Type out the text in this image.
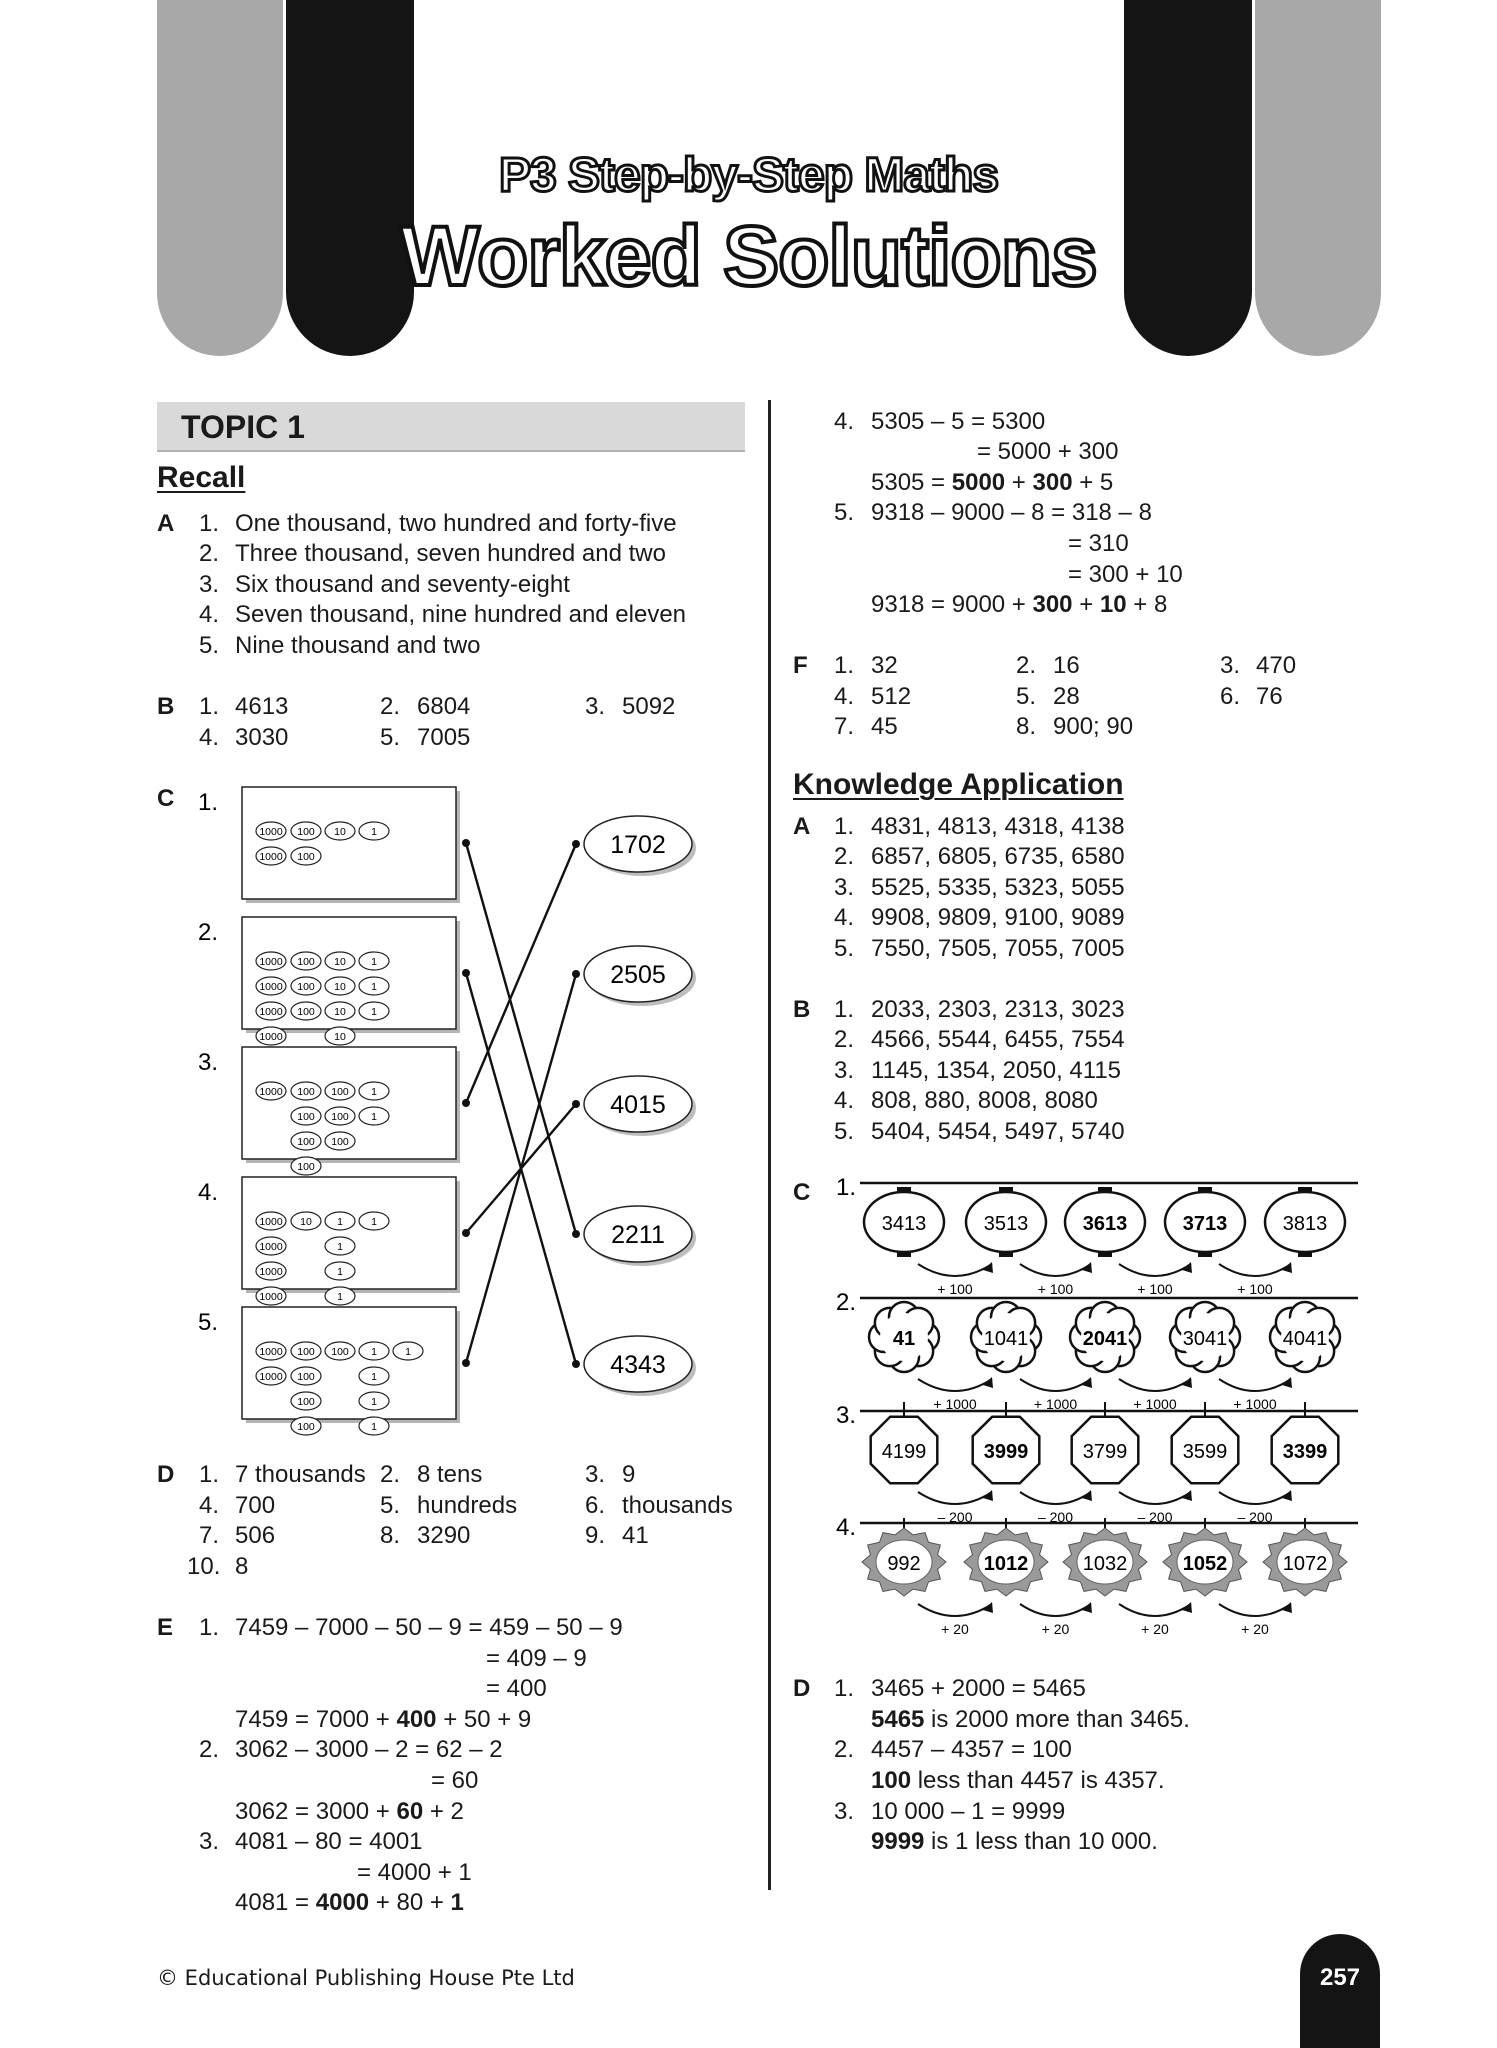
P3 Step-by-Step Maths
Worked Solutions
TOPIC 1
Recall
A 1. One thousand, two hundred and forty-five
2. Three thousand, seven hundred and two
3. Six thousand and seventy-eight
4. Seven thousand, nine hundred and eleven
5. Nine thousand and two
B 1. 4613	2. 6804	3. 5092
4. 3030	5. 7005
C 1.
1000 100 10 1
1000 100
2.
1000 100 10 1
1000 100 10 1
1000 100 10 1
1000	10
3.
1000 100 100 1
100 100 1
100 100
100
4.
1000 10 1	1
1000	1
1000	1
1000	1
5.
1000 100 100 1	1
1000 100	1
100	1
100	1
1702
2505
4015
2211
4343
D 1. 7 thousands 2. 8 tens	3. 9
4. 700	5. hundreds	6. thousands
7. 506	8. 3290	9. 41
10. 8
E 1. 7459 – 7000 – 50 – 9 = 459 – 50 – 9
= 409 – 9
= 400
7459 = 7000 + 400 + 50 + 9
2. 3062 – 3000 – 2 = 62 – 2
= 60
3062 = 3000 + 60 + 2
3. 4081 – 80 = 4001
= 4000 + 1
4081 = 4000 + 80 + 1
4. 5305 – 5 = 5300
= 5000 + 300
5305 = 5000 + 300 + 5
5. 9318 – 9000 – 8 = 318 – 8
= 310
= 300 + 10
9318 = 9000 + 300 + 10 + 8
F 1. 32	2. 16	3. 470
4. 512	5. 28	6. 76
7. 45	8. 900; 90
Knowledge Application
A 1. 4831, 4813, 4318, 4138
2. 6857, 6805, 6735, 6580
3. 5525, 5335, 5323, 5055
4. 9908, 9809, 9100, 9089
5. 7550, 7505, 7055, 7005
B 1. 2033, 2303, 2313, 3023
2. 4566, 5544, 6455, 7554
3. 1145, 1354, 2050, 4115
4. 808, 880, 8008, 8080
5. 5404, 5454, 5497, 5740
C 1.
3413	3513	3613	3713	3813
+ 100	+ 100	+ 100	+ 100
2.
41	1041	2041	3041	4041
+ 1000	+ 1000	+ 1000	+ 1000
3.
4199	3999	3799	3599	3399
– 200	– 200	– 200	– 200
4.
992	1012	1032	1052	1072
+ 20	+ 20	+ 20	+ 20
D 1. 3465 + 2000 = 5465
5465 is 2000 more than 3465.
2. 4457 – 4357 = 100
100 less than 4457 is 4357.
3. 10 000 – 1 = 9999
9999 is 1 less than 10 000.
© Educational Publishing House Pte Ltd	257
